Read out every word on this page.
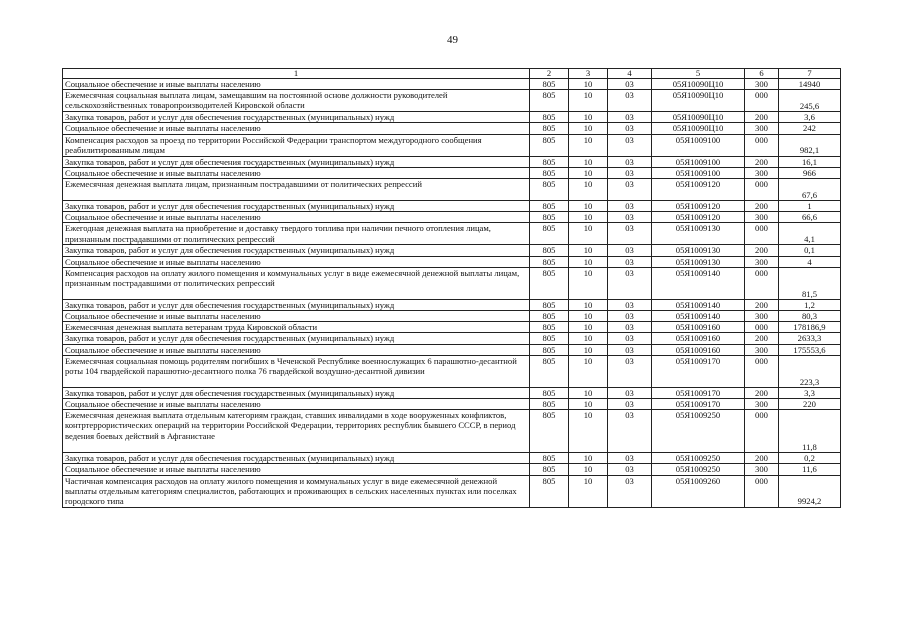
49
1	2	3	4	5	6	7
Социальное обеспечение и иные выплаты населению	805	10	03	05Я10090Ц10	300	14940
Ежемесячная социальная выплата лицам, замещавшим на постоянной основе должности руководителей сельскохозяйственных товаропроизводителей Кировской области	805	10	03	05Я10090Ц10	000	245,6
Закупка товаров, работ и услуг для обеспечения государственных (муниципальных) нужд	805	10	03	05Я10090Ц10	200	3,6
Социальное обеспечение и иные выплаты населению	805	10	03	05Я10090Ц10	300	242
Компенсация расходов за проезд по территории Российской Федерации транспортом междугородного сообщения реабилитированным лицам	805	10	03	05Я1009100	000	982,1
Закупка товаров, работ и услуг для обеспечения государственных (муниципальных) нужд	805	10	03	05Я1009100	200	16,1
Социальное обеспечение и иные выплаты населению	805	10	03	05Я1009100	300	966
Ежемесячная денежная выплата лицам, признанным пострадавшими от политических репрессий	805	10	03	05Я1009120	000	67,6
Закупка товаров, работ и услуг для обеспечения государственных (муниципальных) нужд	805	10	03	05Я1009120	200	1
Социальное обеспечение и иные выплаты населению	805	10	03	05Я1009120	300	66,6
Ежегодная денежная выплата на приобретение и доставку твердого топлива при наличии печного отопления лицам, признанным пострадавшими от политических репрессий	805	10	03	05Я1009130	000	4,1
Закупка товаров, работ и услуг для обеспечения государственных (муниципальных) нужд	805	10	03	05Я1009130	200	0,1
Социальное обеспечение и иные выплаты населению	805	10	03	05Я1009130	300	4
Компенсация расходов на оплату жилого помещения и коммунальных услуг в виде ежемесячной денежной выплаты лицам, признанным пострадавшими от политических репрессий	805	10	03	05Я1009140	000	81,5
Закупка товаров, работ и услуг для обеспечения государственных (муниципальных) нужд	805	10	03	05Я1009140	200	1,2
Социальное обеспечение и иные выплаты населению	805	10	03	05Я1009140	300	80,3
Ежемесячная денежная выплата ветеранам труда Кировской области	805	10	03	05Я1009160	000	178186,9
Закупка товаров, работ и услуг для обеспечения государственных (муниципальных) нужд	805	10	03	05Я1009160	200	2633,3
Социальное обеспечение и иные выплаты населению	805	10	03	05Я1009160	300	175553,6
Ежемесячная социальная помощь родителям погибших в Чеченской Республике военнослужащих 6 парашютно-десантной роты 104 гвардейской парашютно-десантного полка 76 гвардейской воздушно-десантной дивизии	805	10	03	05Я1009170	000	223,3
Закупка товаров, работ и услуг для обеспечения государственных (муниципальных) нужд	805	10	03	05Я1009170	200	3,3
Социальное обеспечение и иные выплаты населению	805	10	03	05Я1009170	300	220
Ежемесячная денежная выплата отдельным категориям граждан, ставших инвалидами в ходе вооруженных конфликтов, контртеррористических операций на территории Российской Федерации, территориях республик бывшего СССР, в период ведения боевых действий в Афганистане	805	10	03	05Я1009250	000	11,8
Закупка товаров, работ и услуг для обеспечения государственных (муниципальных) нужд	805	10	03	05Я1009250	200	0,2
Социальное обеспечение и иные выплаты населению	805	10	03	05Я1009250	300	11,6
Частичная компенсация расходов на оплату жилого помещения и коммунальных услуг в виде ежемесячной денежной выплаты отдельным категориям специалистов, работающих и проживающих в сельских населенных пунктах или поселках городского типа	805	10	03	05Я1009260	000	9924,2
